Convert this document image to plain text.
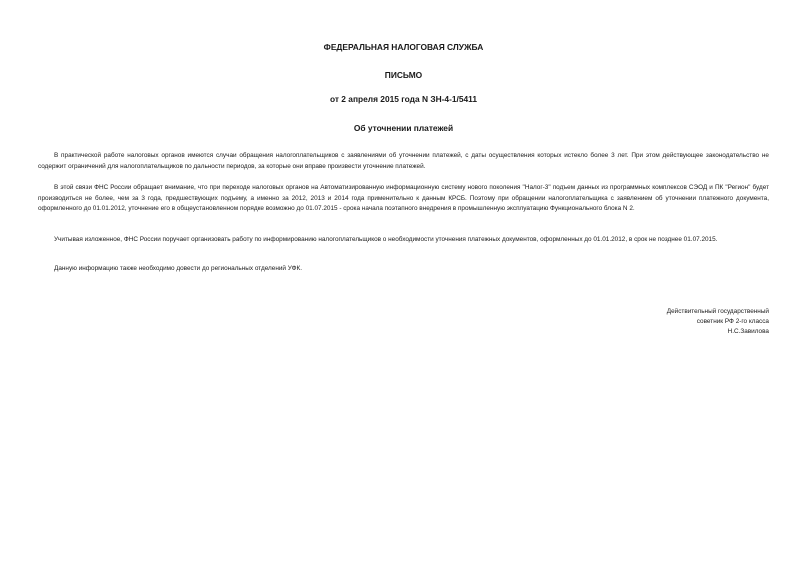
ФЕДЕРАЛЬНАЯ НАЛОГОВАЯ СЛУЖБА
ПИСЬМО
от 2 апреля 2015 года N ЗН-4-1/5411
Об уточнении платежей

В практической работе налоговых органов имеются случаи обращения налогоплательщиков с заявлениями об уточнении платежей, с даты осуществления которых истекло более 3 лет. При этом действующее законодательство не содержит ограничений для налогоплательщиков по дальности периодов, за которые они вправе произвести уточнение платежей.

В этой связи ФНС России обращает внимание, что при переходе налоговых органов на Автоматизированную информационную систему нового поколения "Налог-3" подъем данных из программных комплексов СЭОД и ПК "Регион" будет производиться не более, чем за 3 года, предшествующих подъему, а именно за 2012, 2013 и 2014 года применительно к данным КРСБ. Поэтому при обращении налогоплательщика с заявлением об уточнении платежного документа, оформленного до 01.01.2012, уточнение его в общеустановленном порядке возможно до 01.07.2015 - срока начала поэтапного внедрения в промышленную эксплуатацию Функционального блока N 2.

Учитывая изложенное, ФНС России поручает организовать работу по информированию налогоплательщиков о необходимости уточнения платежных документов, оформленных до 01.01.2012, в срок не позднее 01.07.2015.

Данную информацию также необходимо довести до региональных отделений УФК.

Действительный государственный
советник РФ 2-го класса
Н.С.Завилова
